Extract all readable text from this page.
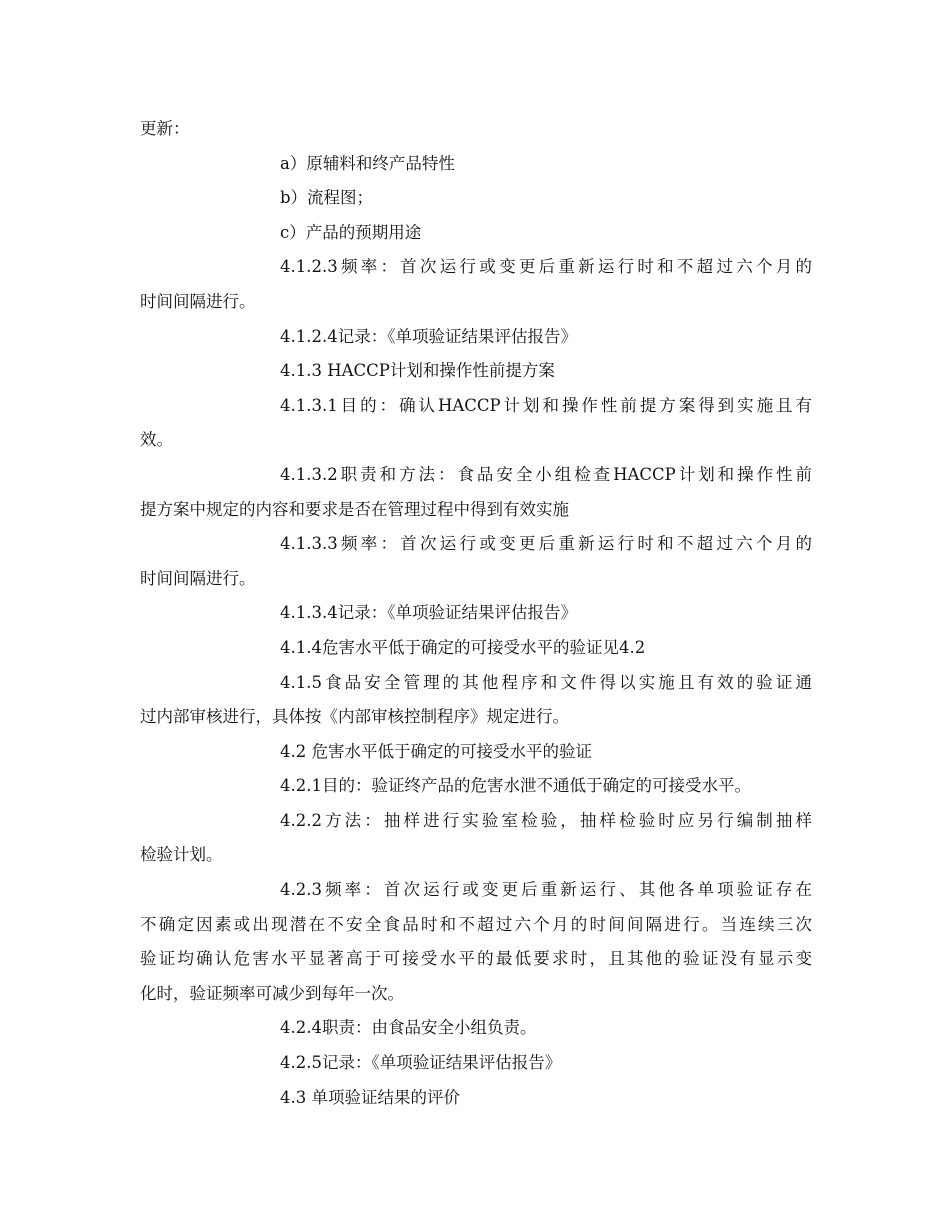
更新：
a）原辅料和终产品特性
b）流程图；
c）产品的预期用途
4.1.2.3频率：首次运行或变更后重新运行时和不超过六个月的
时间间隔进行。
4.1.2.4记录：《单项验证结果评估报告》
4.1.3 HACCP计划和操作性前提方案
4.1.3.1目的：确认HACCP计划和操作性前提方案得到实施且有
效。
4.1.3.2职责和方法：食品安全小组检查HACCP计划和操作性前
提方案中规定的内容和要求是否在管理过程中得到有效实施
4.1.3.3频率：首次运行或变更后重新运行时和不超过六个月的
时间间隔进行。
4.1.3.4记录：《单项验证结果评估报告》
4.1.4危害水平低于确定的可接受水平的验证见4.2
4.1.5食品安全管理的其他程序和文件得以实施且有效的验证通
过内部审核进行，具体按《内部审核控制程序》规定进行。
4.2 危害水平低于确定的可接受水平的验证
4.2.1目的：验证终产品的危害水泄不通低于确定的可接受水平。
4.2.2方法：抽样进行实验室检验，抽样检验时应另行编制抽样
检验计划。
4.2.3频率：首次运行或变更后重新运行、其他各单项验证存在
不确定因素或出现潜在不安全食品时和不超过六个月的时间间隔进行。当连续三次
验证均确认危害水平显著高于可接受水平的最低要求时，且其他的验证没有显示变
化时，验证频率可减少到每年一次。
4.2.4职责：由食品安全小组负责。
4.2.5记录：《单项验证结果评估报告》
4.3 单项验证结果的评价
